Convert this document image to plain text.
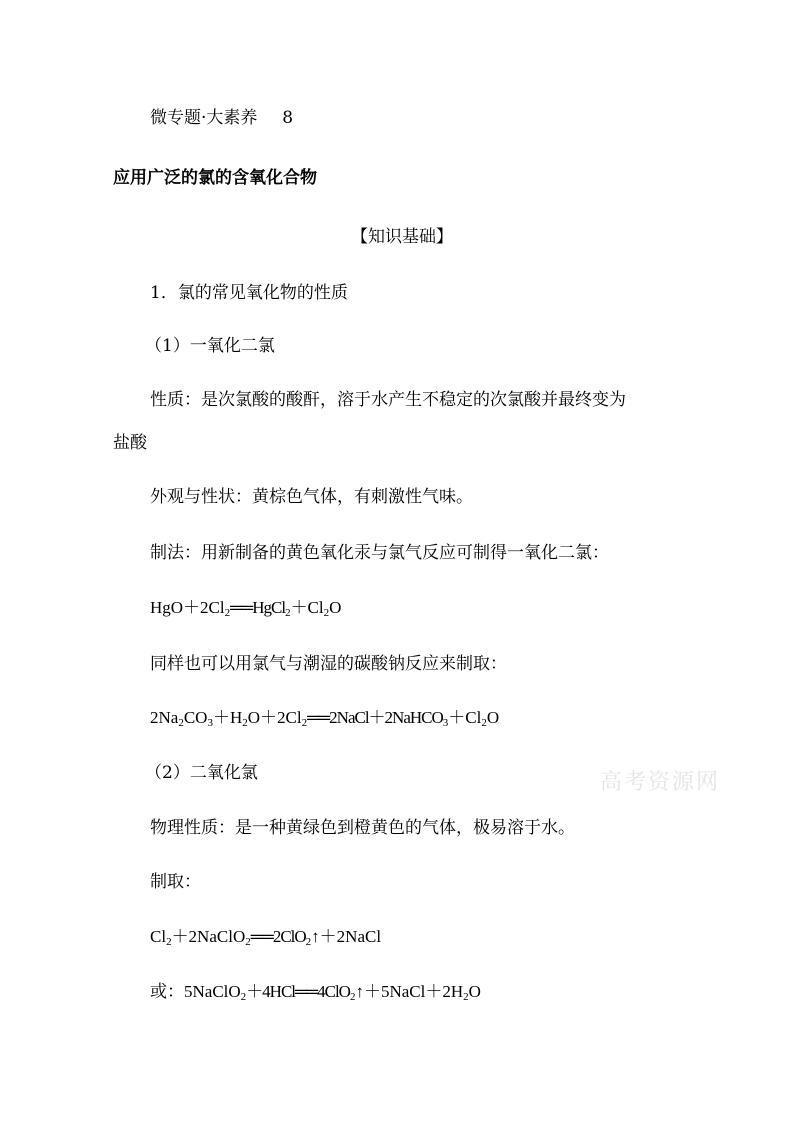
微专题·大素养 8
应用广泛的氯的含氧化合物
【知识基础】
1．氯的常见氧化物的性质
（1）一氧化二氯
性质：是次氯酸的酸酐，溶于水产生不稳定的次氯酸并最终变为
盐酸
外观与性状：黄棕色气体，有刺激性气味。
制法：用新制备的黄色氧化汞与氯气反应可制得一氧化二氯：
$HgO+2Cl_2══HgCl_2+Cl_2O$
同样也可以用氯气与潮湿的碳酸钠反应来制取：
$2Na_2CO_3+H_2O+2Cl_2══2NaCl+2NaHCO_3+Cl_2O$
（2）二氧化氯	高考资源网
物理性质：是一种黄绿色到橙黄色的气体，极易溶于水。
制取：
$Cl_2+2NaClO_2══2ClO_2↑+2NaCl$
或：$5NaClO_2+4HCl══4ClO_2↑+5NaCl+2H_2O$
